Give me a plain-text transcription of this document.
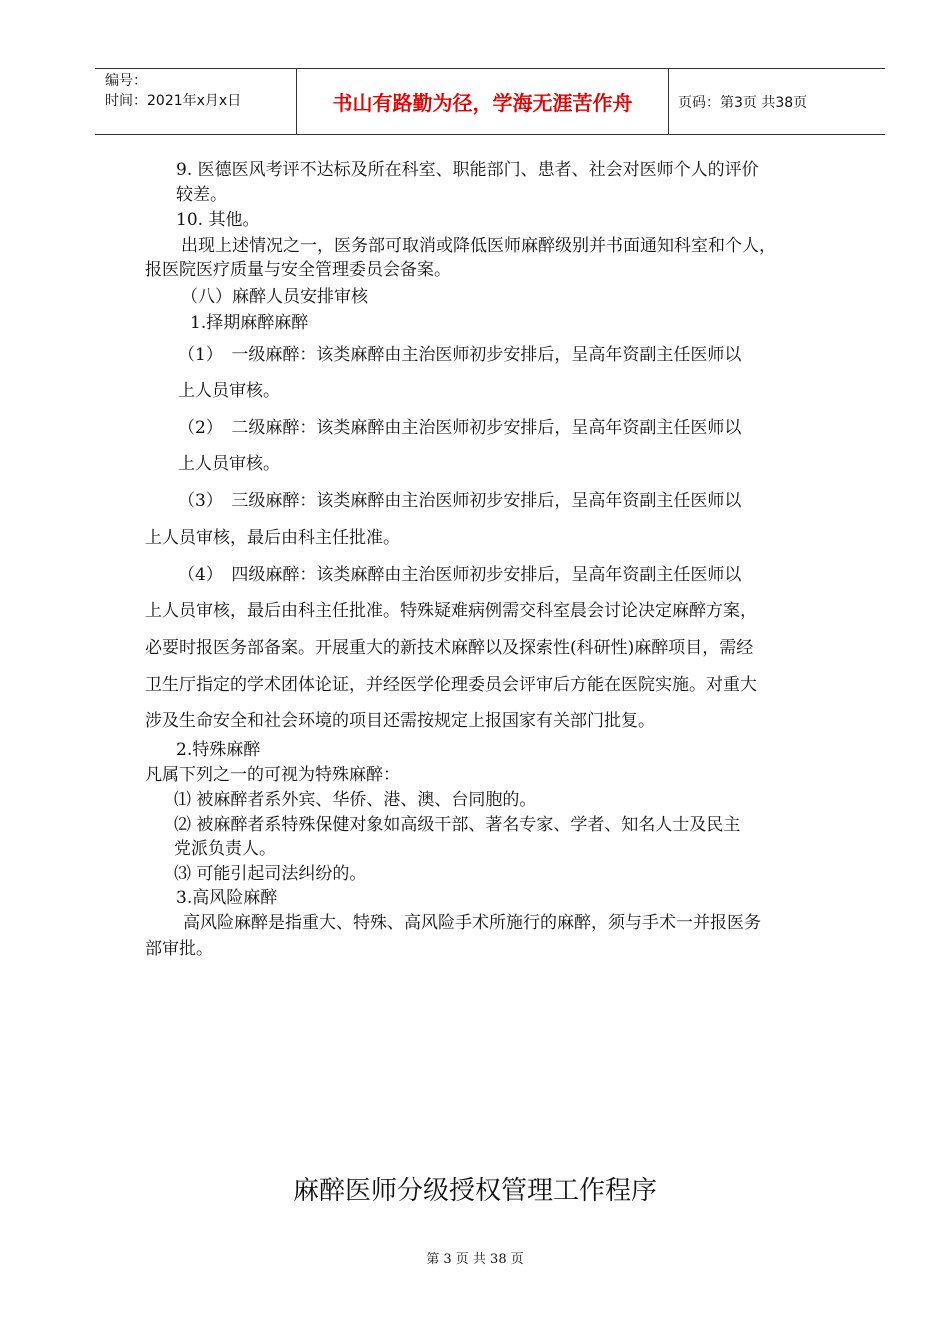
编号：
时间：2021年x月x日	书山有路勤为径，学海无涯苦作舟	页码：第3页 共38页
9. 医德医风考评不达标及所在科室、职能部门、患者、社会对医师个人的评价
较差。
10. 其他。
出现上述情况之一，医务部可取消或降低医师麻醉级别并书面通知科室和个人，
报医院医疗质量与安全管理委员会备案。
（八）麻醉人员安排审核
1.择期麻醉麻醉
（1）　一级麻醉：该类麻醉由主治医师初步安排后，呈高年资副主任医师以
上人员审核。
（2）　二级麻醉：该类麻醉由主治医师初步安排后，呈高年资副主任医师以
上人员审核。
（3）　三级麻醉：该类麻醉由主治医师初步安排后，呈高年资副主任医师以
上人员审核，最后由科主任批准。
（4）　四级麻醉：该类麻醉由主治医师初步安排后，呈高年资副主任医师以
上人员审核，最后由科主任批准。特殊疑难病例需交科室晨会讨论决定麻醉方案，
必要时报医务部备案。开展重大的新技术麻醉以及探索性(科研性)麻醉项目，需经
卫生厅指定的学术团体论证，并经医学伦理委员会评审后方能在医院实施。对重大
涉及生命安全和社会环境的项目还需按规定上报国家有关部门批复。
2.特殊麻醉
凡属下列之一的可视为特殊麻醉：
⑴ 被麻醉者系外宾、华侨、港、澳、台同胞的。
⑵ 被麻醉者系特殊保健对象如高级干部、著名专家、学者、知名人士及民主
党派负责人。
⑶ 可能引起司法纠纷的。
3.高风险麻醉
高风险麻醉是指重大、特殊、高风险手术所施行的麻醉，须与手术一并报医务
部审批。
麻醉医师分级授权管理工作程序
第 3 页 共 38 页
